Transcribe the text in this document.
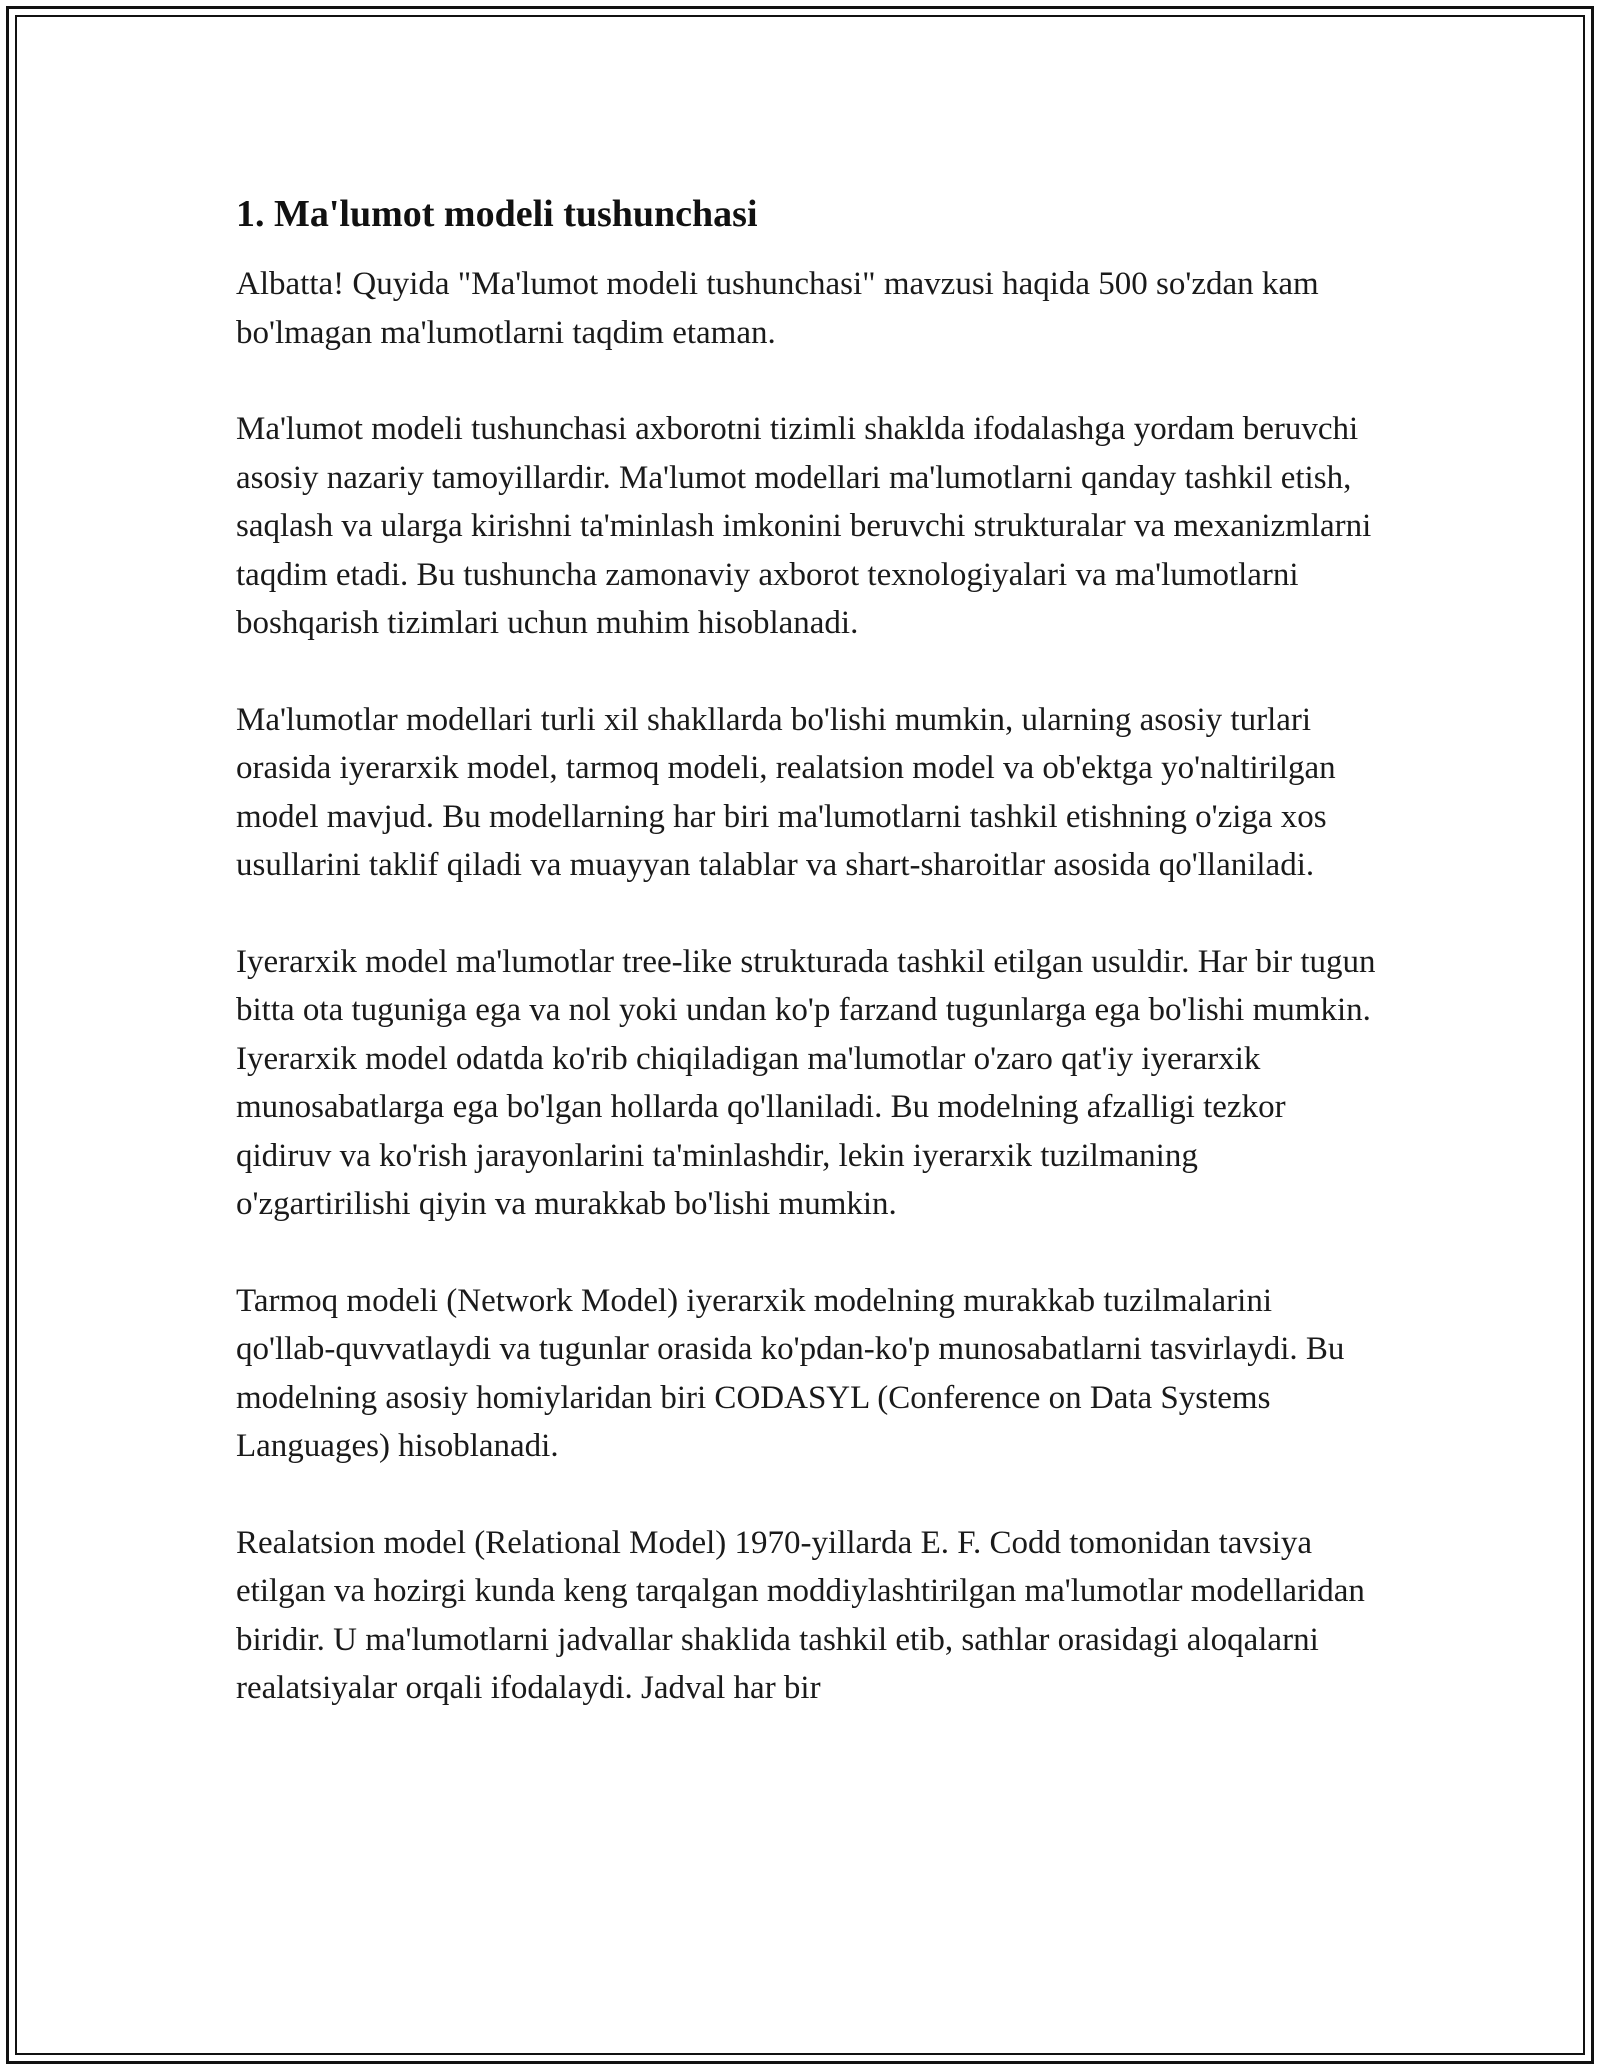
1. Ma'lumot modeli tushunchasi

Albatta! Quyida "Ma'lumot modeli tushunchasi" mavzusi haqida 500 so'zdan kam bo'lmagan ma'lumotlarni taqdim etaman.

Ma'lumot modeli tushunchasi axborotni tizimli shaklda ifodalashga yordam beruvchi asosiy nazariy tamoyillardir. Ma'lumot modellari ma'lumotlarni qanday tashkil etish, saqlash va ularga kirishni ta'minlash imkonini beruvchi strukturalar va mexanizmlarni taqdim etadi. Bu tushuncha zamonaviy axborot texnologiyalari va ma'lumotlarni boshqarish tizimlari uchun muhim hisoblanadi.

Ma'lumotlar modellari turli xil shakllarda bo'lishi mumkin, ularning asosiy turlari orasida iyerarxik model, tarmoq modeli, realatsion model va ob'ektga yo'naltirilgan model mavjud. Bu modellarning har biri ma'lumotlarni tashkil etishning o'ziga xos usullarini taklif qiladi va muayyan talablar va shart-sharoitlar asosida qo'llaniladi.

Iyerarxik model ma'lumotlar tree-like strukturada tashkil etilgan usuldir. Har bir tugun bitta ota tuguniga ega va nol yoki undan ko'p farzand tugunlarga ega bo'lishi mumkin. Iyerarxik model odatda ko'rib chiqiladigan ma'lumotlar o'zaro qat'iy iyerarxik munosabatlarga ega bo'lgan hollarda qo'llaniladi. Bu modelning afzalligi tezkor qidiruv va ko'rish jarayonlarini ta'minlashdir, lekin iyerarxik tuzilmaning o'zgartirilishi qiyin va murakkab bo'lishi mumkin.

Tarmoq modeli (Network Model) iyerarxik modelning murakkab tuzilmalarini qo'llab-quvvatlaydi va tugunlar orasida ko'pdan-ko'p munosabatlarni tasvirlaydi. Bu modelning asosiy homiylaridan biri CODASYL (Conference on Data Systems Languages) hisoblanadi.

Realatsion model (Relational Model) 1970-yillarda E. F. Codd tomonidan tavsiya etilgan va hozirgi kunda keng tarqalgan moddiylashtirilgan ma'lumotlar modellaridan biridir. U ma'lumotlarni jadvallar shaklida tashkil etib, sathlar orasidagi aloqalarni realatsiyalar orqali ifodalaydi. Jadval har bir
